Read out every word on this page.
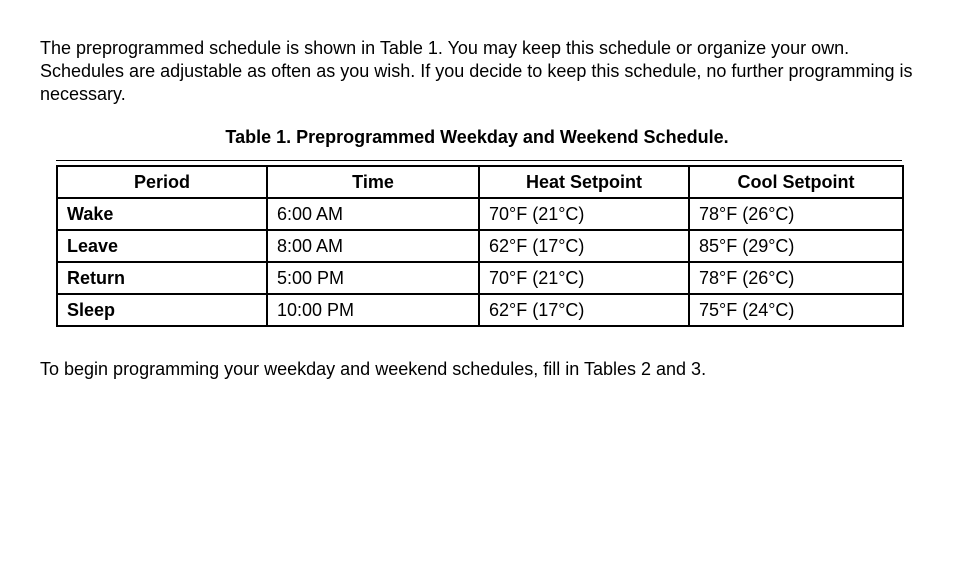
The preprogrammed schedule is shown in Table 1. You may keep this schedule or organize your own. Schedules are adjustable as often as you wish. If you decide to keep this schedule, no further programming is necessary.

Table 1. Preprogrammed Weekday and Weekend Schedule.

Period	Time	Heat Setpoint	Cool Setpoint
Wake	6:00 AM	70°F (21°C)	78°F (26°C)
Leave	8:00 AM	62°F (17°C)	85°F (29°C)
Return	5:00 PM	70°F (21°C)	78°F (26°C)
Sleep	10:00 PM	62°F (17°C)	75°F (24°C)

To begin programming your weekday and weekend schedules, fill in Tables 2 and 3.
